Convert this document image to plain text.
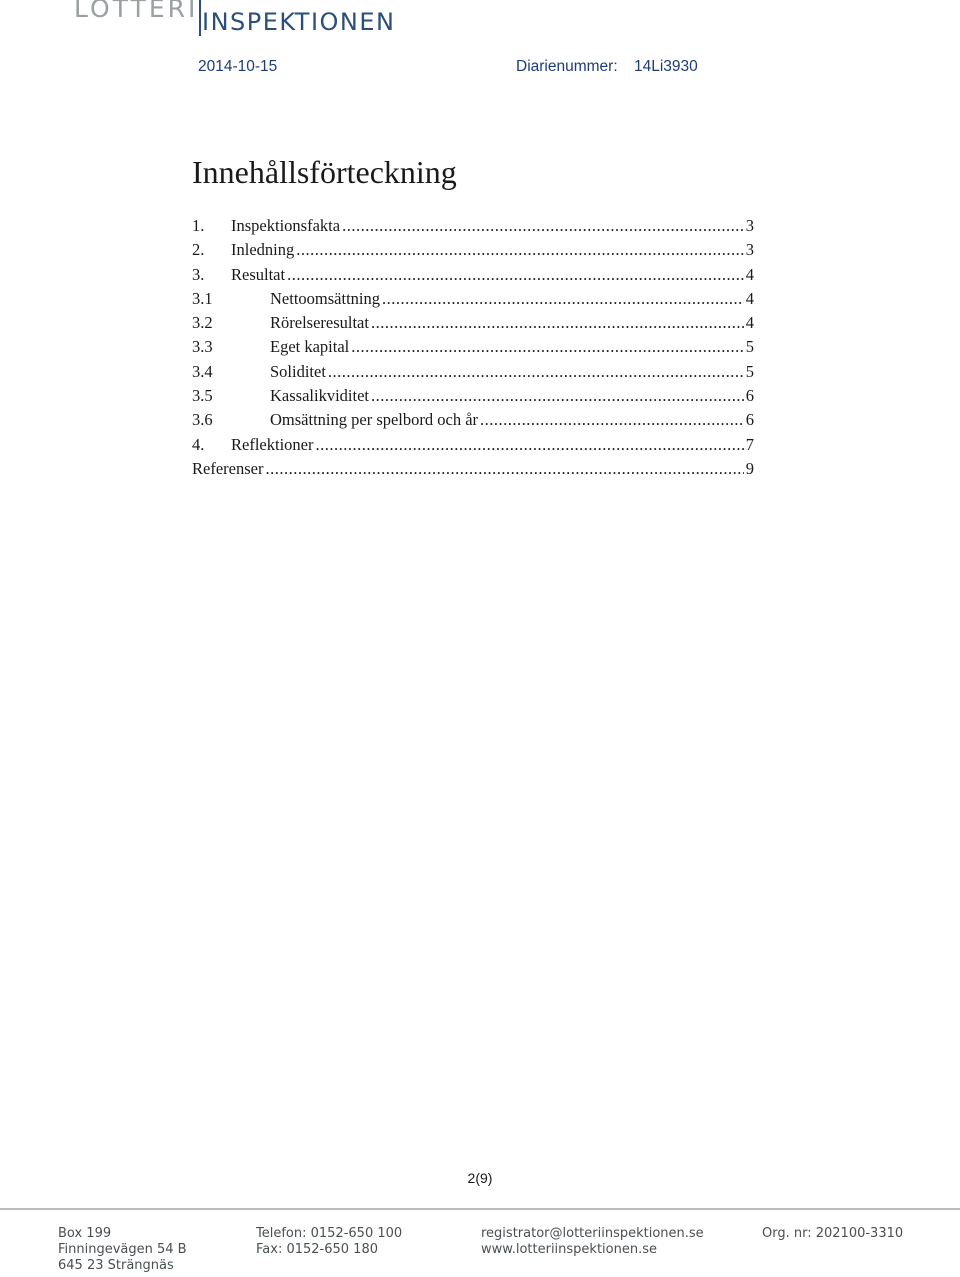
LOTTERI INSPEKTIONEN
2014-10-15	Diarienummer: 14Li3930
Innehållsförteckning
1.	Inspektionsfakta .....	3
2.	Inledning .....	3
3.	Resultat .....	4
3.1	Nettoomsättning .....	4
3.2	Rörelseresultat .....	4
3.3	Eget kapital .....	5
3.4	Soliditet .....	5
3.5	Kassalikviditet .....	6
3.6	Omsättning per spelbord och år .....	6
4.	Reflektioner .....	7
Referenser .....	9
2(9)
Box 199
Finningevägen 54 B
645 23 Strängnäs
Telefon: 0152-650 100
Fax: 0152-650 180
registrator@lotteriinspektionen.se
www.lotteriinspektionen.se
Org. nr: 202100-3310
